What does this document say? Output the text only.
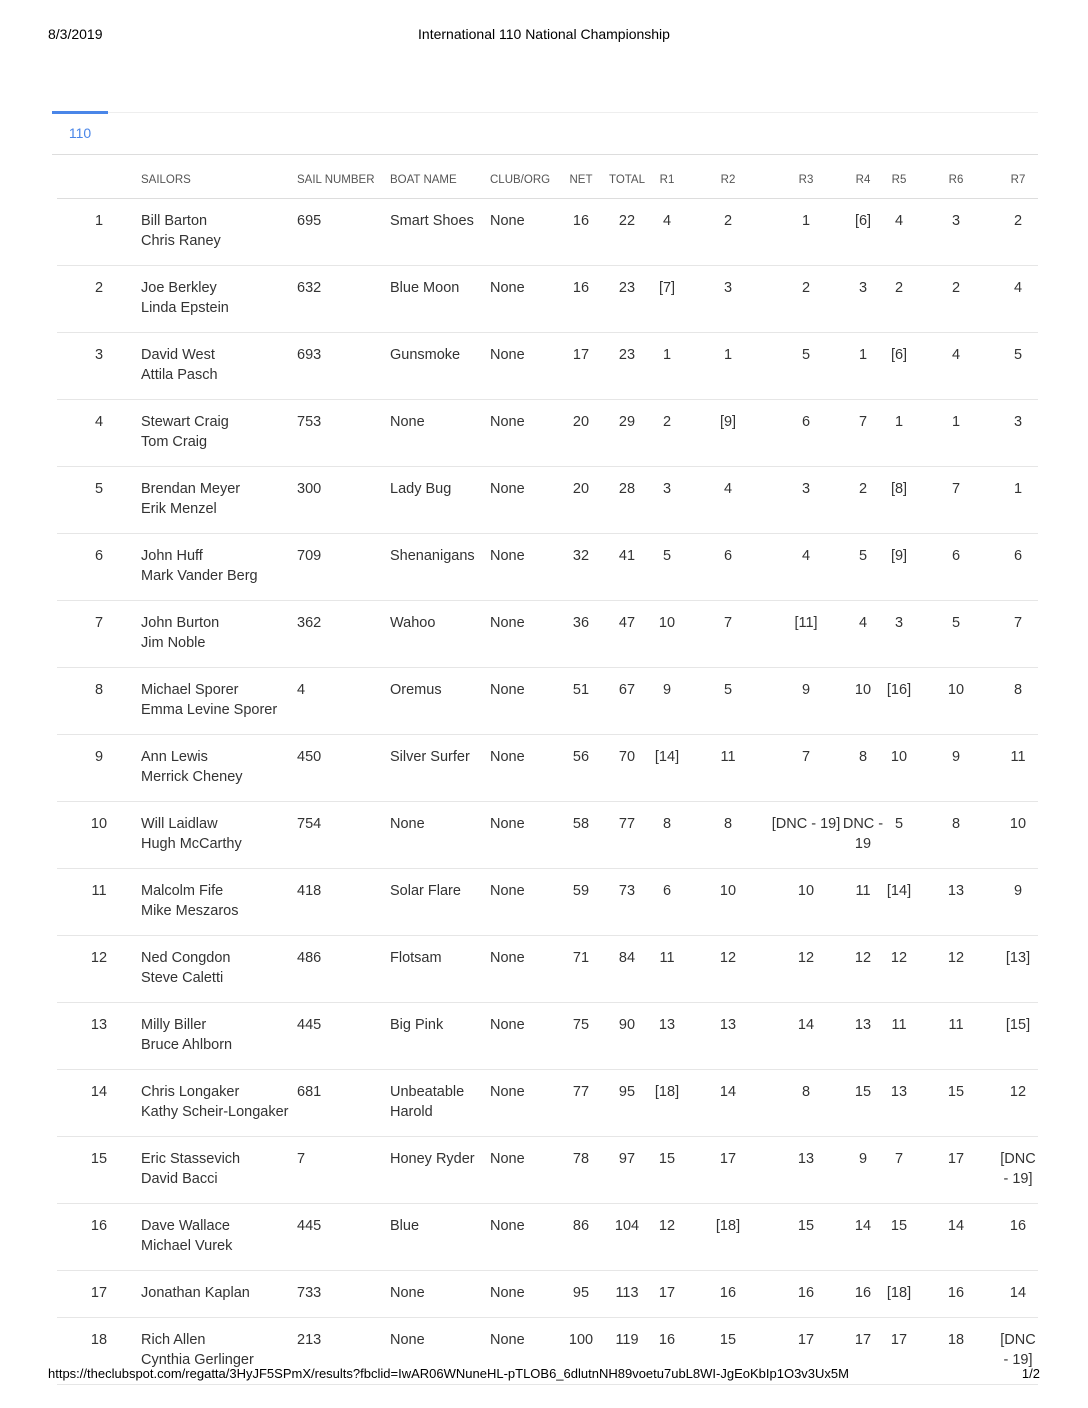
8/3/2019	International 110 National Championship
110
	SAILORS	SAIL NUMBER	BOAT NAME	CLUB/ORG	NET	TOTAL	R1	R2	R3	R4	R5	R6	R7
1	Bill Barton
Chris Raney	695	Smart Shoes	None	16	22	4	2	1	[6]	4	3	2
2	Joe Berkley
Linda Epstein	632	Blue Moon	None	16	23	[7]	3	2	3	2	2	4
3	David West
Attila Pasch	693	Gunsmoke	None	17	23	1	1	5	1	[6]	4	5
4	Stewart Craig
Tom Craig	753	None	None	20	29	2	[9]	6	7	1	1	3
5	Brendan Meyer
Erik Menzel	300	Lady Bug	None	20	28	3	4	3	2	[8]	7	1
6	John Huff
Mark Vander Berg	709	Shenanigans	None	32	41	5	6	4	5	[9]	6	6
7	John Burton
Jim Noble	362	Wahoo	None	36	47	10	7	[11]	4	3	5	7
8	Michael Sporer
Emma Levine Sporer	4	Oremus	None	51	67	9	5	9	10	[16]	10	8
9	Ann Lewis
Merrick Cheney	450	Silver Surfer	None	56	70	[14]	11	7	8	10	9	11
10	Will Laidlaw
Hugh McCarthy	754	None	None	58	77	8	8	[DNC - 19]	DNC - 19	5	8	10
11	Malcolm Fife
Mike Meszaros	418	Solar Flare	None	59	73	6	10	10	11	[14]	13	9
12	Ned Congdon
Steve Caletti	486	Flotsam	None	71	84	11	12	12	12	12	12	[13]
13	Milly Biller
Bruce Ahlborn	445	Big Pink	None	75	90	13	13	14	13	11	11	[15]
14	Chris Longaker
Kathy Scheir-Longaker	681	Unbeatable Harold	None	77	95	[18]	14	8	15	13	15	12
15	Eric Stassevich
David Bacci	7	Honey Ryder	None	78	97	15	17	13	9	7	17	[DNC - 19]
16	Dave Wallace
Michael Vurek	445	Blue	None	86	104	12	[18]	15	14	15	14	16
17	Jonathan Kaplan	733	None	None	95	113	17	16	16	16	[18]	16	14
18	Rich Allen
Cynthia Gerlinger	213	None	None	100	119	16	15	17	17	17	18	[DNC - 19]
https://theclubspot.com/regatta/3HyJF5SPmX/results?fbclid=IwAR06WNuneHL-pTLOB6_6dlutnNH89voetu7ubL8WI-JgEoKbIp1O3v3Ux5M	1/2
